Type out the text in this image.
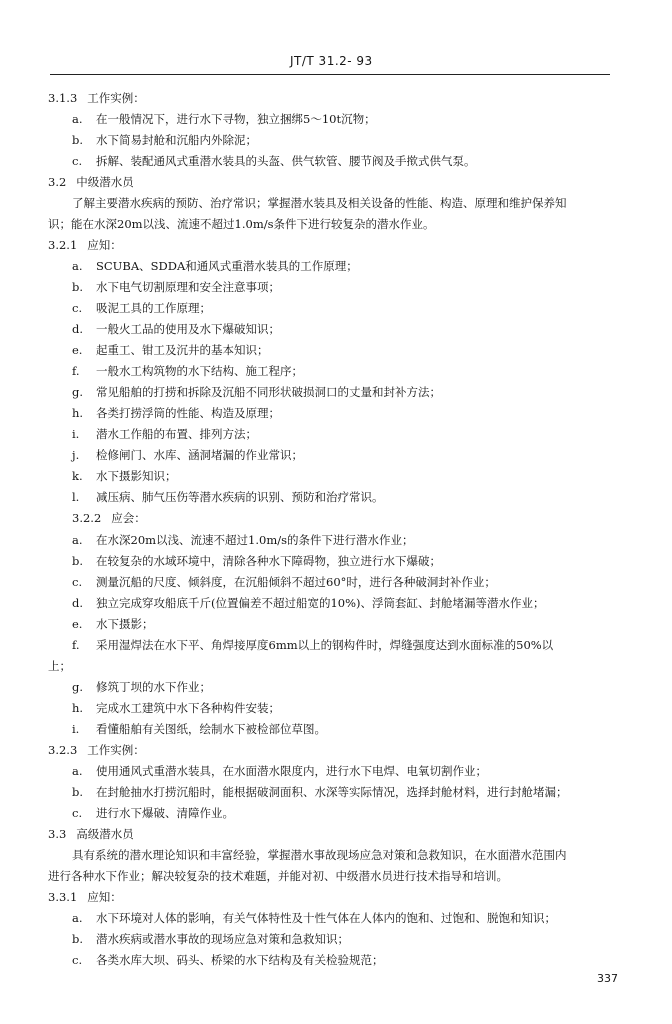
JT/T 31.2- 93
3.1.3 工作实例：
a. 在一般情况下，进行水下寻物，独立捆绑5～10t沉物；
b. 水下简易封舱和沉船内外除泥；
c. 拆解、装配通风式重潜水装具的头盔、供气软管、腰节阀及手揿式供气泵。
3.2 中级潜水员
了解主要潜水疾病的预防、治疗常识；掌握潜水装具及相关设备的性能、构造、原理和维护保养知
识；能在水深20m以浅、流速不超过1.0m/s条件下进行较复杂的潜水作业。
3.2.1 应知：
a. SCUBA、SDDA和通风式重潜水装具的工作原理；
b. 水下电气切割原理和安全注意事项；
c. 吸泥工具的工作原理；
d. 一般火工品的使用及水下爆破知识；
e. 起重工、钳工及沉井的基本知识；
f. 一般水工构筑物的水下结构、施工程序；
g. 常见船舶的打捞和拆除及沉船不同形状破损洞口的丈量和封补方法；
h. 各类打捞浮筒的性能、构造及原理；
i. 潜水工作船的布置、排列方法；
j. 检修闸门、水库、涵洞堵漏的作业常识；
k. 水下摄影知识；
l. 减压病、肺气压伤等潜水疾病的识别、预防和治疗常识。
3.2.2 应会：
a. 在水深20m以浅、流速不超过1.0m/s的条件下进行潜水作业；
b. 在较复杂的水域环境中，清除各种水下障碍物，独立进行水下爆破；
c. 测量沉船的尺度、倾斜度，在沉船倾斜不超过60°时，进行各种破洞封补作业；
d. 独立完成穿攻船底千斤(位置偏差不超过船宽的10%)、浮筒套缸、封舱堵漏等潜水作业；
e. 水下摄影；
f. 采用湿焊法在水下平、角焊接厚度6mm以上的钢构件时，焊缝强度达到水面标准的50%以
上；
g. 修筑丁坝的水下作业；
h. 完成水工建筑中水下各种构件安装；
i. 看懂船舶有关图纸，绘制水下被检部位草图。
3.2.3 工作实例：
a. 使用通风式重潜水装具，在水面潜水限度内，进行水下电焊、电氧切割作业；
b. 在封舱抽水打捞沉船时，能根据破洞面积、水深等实际情况，选择封舱材料，进行封舱堵漏；
c. 进行水下爆破、清障作业。
3.3 高级潜水员
具有系统的潜水理论知识和丰富经验，掌握潜水事故现场应急对策和急救知识，在水面潜水范围内
进行各种水下作业；解决较复杂的技术难题，并能对初、中级潜水员进行技术指导和培训。
3.3.1 应知：
a. 水下环境对人体的影响，有关气体特性及十性气体在人体内的饱和、过饱和、脱饱和知识；
b. 潜水疾病或潜水事故的现场应急对策和急救知识；
c. 各类水库大坝、码头、桥梁的水下结构及有关检验规范；
337
